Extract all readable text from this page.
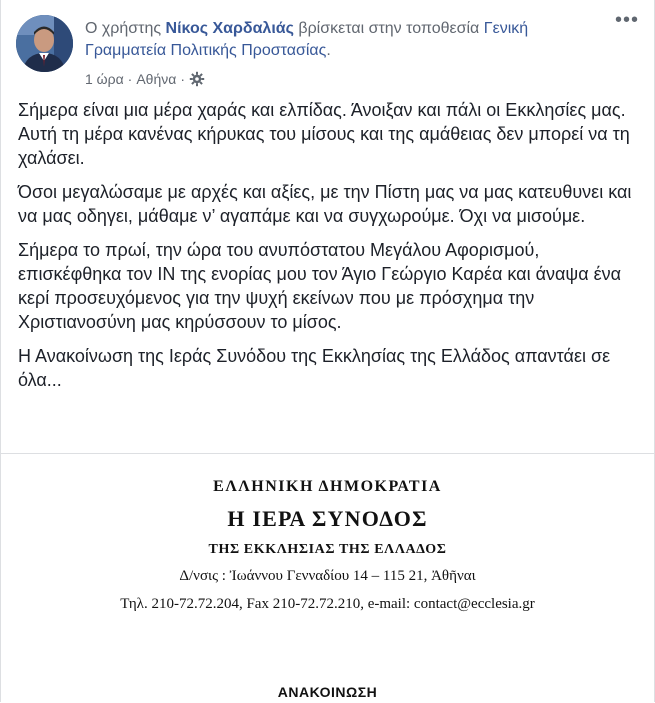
Ο χρήστης Νίκος Χαρδαλιάς βρίσκεται στην τοποθεσία Γενική Γραμματεία Πολιτικής Προστασίας.
1 ώρα · Αθήνα ·
•••

Σήμερα είναι μια μέρα χαράς και ελπίδας. Άνοιξαν και πάλι οι Εκκλησίες μας. Αυτή τη μέρα κανένας κήρυκας του μίσους και της αμάθειας δεν μπορεί να τη χαλάσει.

Όσοι μεγαλώσαμε με αρχές και αξίες, με την Πίστη μας να μας κατευθυνει και να μας οδηγει, μάθαμε ν’ αγαπάμε και να συγχωρούμε. Όχι να μισούμε.

Σήμερα το πρωί, την ώρα του ανυπόστατου Μεγάλου Αφορισμού, επισκέφθηκα τον ΙΝ της ενορίας μου τον Άγιο Γεώργιο Καρέα και άναψα ένα κερί προσευχόμενος για την ψυχή εκείνων που με πρόσχημα την Χριστιανοσύνη μας κηρύσσουν το μίσος.

Η Ανακοίνωση της Ιεράς Συνόδου της Εκκλησίας της Ελλάδος απαντάει σε όλα...

ΕΛΛΗΝΙΚΗ ΔΗΜΟΚΡΑΤΙΑ
Η ΙΕΡΑ ΣΥΝΟΔΟΣ
ΤΗΣ ΕΚΚΛΗΣΙΑΣ ΤΗΣ ΕΛΛΑΔΟΣ
Δ/νσις : Ἰωάννου Γενναδίου 14 – 115 21, Ἀθῆναι
Τηλ. 210-72.72.204, Fax 210-72.72.210, e-mail: contact@ecclesia.gr
ΑΝΑΚΟΙΝΩΣΗ
